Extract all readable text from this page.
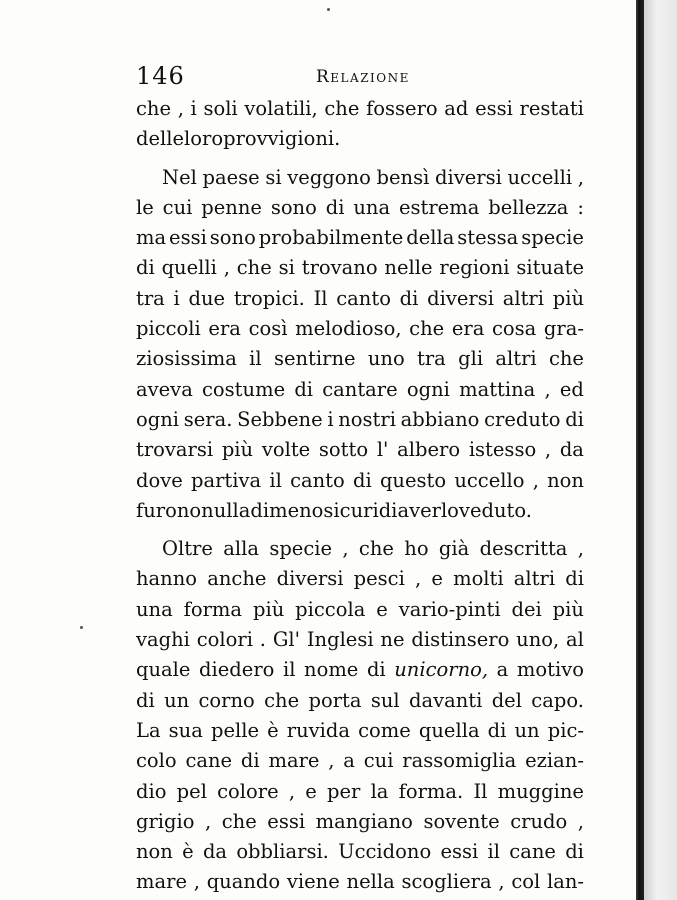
146	Relazione
che , i soli volatili, che fossero ad essi restati
delle loro provvigioni.
Nel paese si veggono bensì diversi uccelli ,
le cui penne sono di una estrema bellezza :
ma essi sono probabilmente della stessa specie
di quelli , che si trovano nelle regioni situate
tra i due tropici. Il canto di diversi altri più
piccoli era così melodioso, che era cosa gra-
ziosissima il sentirne uno tra gli altri che
aveva costume di cantare ogni mattina , ed
ogni sera. Sebbene i nostri abbiano creduto di
trovarsi più volte sotto l' albero istesso , da
dove partiva il canto di questo uccello , non
furono nulladimeno sicuri di averlo veduto.
Oltre alla specie , che ho già descritta ,
hanno anche diversi pesci , e molti altri di
una forma più piccola e vario-pinti dei più
vaghi colori . Gl' Inglesi ne distinsero uno, al
quale diedero il nome di unicorno, a motivo
di un corno che porta sul davanti del capo.
La sua pelle è ruvida come quella di un pic-
colo cane di mare , a cui rassomiglia ezian-
dio pel colore , e per la forma. Il muggine
grigio , che essi mangiano sovente crudo ,
non è da obbliarsi. Uccidono essi il cane di
mare , quando viene nella scogliera , col lan-
